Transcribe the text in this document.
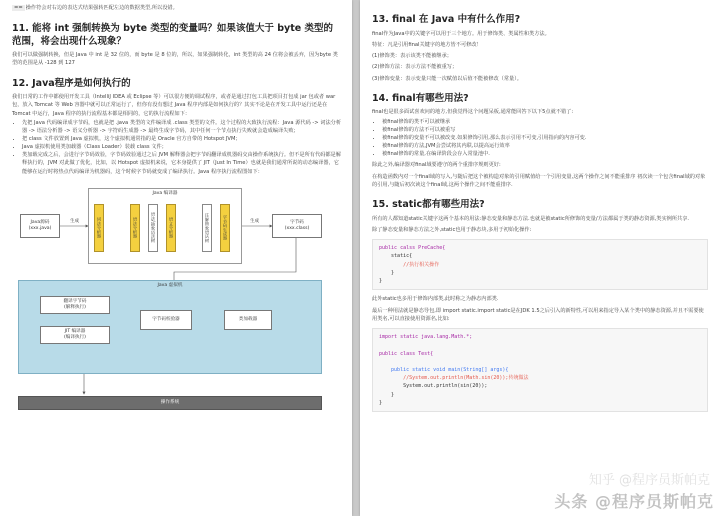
== 操作符会对右边的表达式结果强转匹配左边的数据类型,所以没错。
11. 能将 int 强制转换为 byte 类型的变量吗？如果该值大于 byte 类型的范围，将会出现什么现象？

我们可以做强制转换，但是 Java 中 int 是 32 位的，而 byte 是 8 位的，所以，如果强制转化，int 类型的高 24 位将会被丢弃，因为byte 类型的范围是从 -128 到 127

12. Java程序是如何执行的

我们日常的工作中都使用开发工具（IntelliJ IDEA 或 Eclipse 等）可以很方便的调试程序，或者是通过打包工具把项目打包成 jar 包或者 war 包，放入 Tomcat 等 Web 容器中就可以正常运行了，但你有没有想过 Java 程序内部是如何执行的？其实不论是在开发工具中运行还是在 Tomcat 中运行，Java 程序的执行流程基本都是相同的，它的执行流程如下：

• 先把 Java 代码编译成字节码，也就是把 .java 类型的文件编译成 .class 类型的文件。这个过程的大致执行流程：Java 源代码 -> 词法分析器 -> 语法分析器 -> 语义分析器 -> 字符码生成器 -> 最终生成字节码，其中任何一个节点执行失败就会造成编译失败；
• 把 class 文件放置到 Java 虚拟机，这个虚拟机通常指的是 Oracle 官方自带的 Hotspot JVM；
• Java 虚拟机使用类加载器（Class Loader）装载 class 文件；
• 类加载完成之后，会进行字节码效验，字节码效验通过之后 JVM 解释器会把字节码翻译成机器码交由操作系统执行。但不是所有代码都是解释执行的，JVM 对此做了优化，比如，以 Hotspot 虚拟机来说，它本身提供了 JIT（Just In Time）也就是我们通常所说的动态编译器，它能够在运行时将热点代码编译为机器码，这个时候字节码就变成了编译执行。Java 程序执行流程图如下：
Java源码
(xxx.java)
生成
Java 编译器
词法分析器	语法分析器	语法/抽象语法树	语义分析器	注解抽象语法树	字节码生成器	生成	字节码
(xxx.class)
Java 虚拟机
翻译字节码
(解释执行)
JIT 编译器
(编译执行)
字节码校验器	类加载器
操作系统
13. final 在 Java 中有什么作用?

final作为Java中的关键字可以用于三个地方。用于修饰类、类属性和类方法。

特征：凡是引用final关键字的地方皆不可修改！

(1)修饰类：表示该类不能被继承；

(2)修饰方法：表示方法不能被重写；

(3)修饰变量：表示变量只能一次赋值以后值不能被修改（常量）。

14. final有哪些用法?

final也是很多面试喜欢问的地方,但我觉得这个问题呆板,通常能回答下以下5点就不错了:

• 被final修饰的类不可以被继承
• 被final修饰的方法不可以被重写
• 被final修饰的变量不可以被改变.如果修饰引用,那么表示引用不可变,引用指向的内容可变.
• 被final修饰的方法,JVM会尝试将其内联,以提高运行效率
• 被final修饰的常量,在编译阶段会存入常量池中.

除此之外,编译器对final域要遵守的两个重排序规则更好:

在构造函数内对一个final域的写入,与随后把这个被构造对象的引用赋值给一个引用变量,这两个操作之间不能重排序 初次读一个包含final域的对象的引用,与随后初次读这个final域,这两个操作之间不能重排序.

15. static都有哪些用法?

所有的人都知道static关键字这两个基本的用法:静态变量和静态方法.也就是被static所修饰的变量/方法都属于类的静态资源,类实例所共享.

除了静态变量和静态方法之外,static也用于静态块,多用于初始化操作:

public calss PreCache{
static{
//执行相关操作
}
}

此外static也多用于修饰内部类,此时称之为静态内部类.

最后一种用法就是静态导包,即 import static.import static是在JDK 1.5之后引入的新特性,可以用来指定导入某个类中的静态资源,并且不需要使用类名,可以直接使用资源名,比如:

import static java.lang.Math.*;

public class Test{

public static void main(String[] args){
//System.out.println(Math.sin(20));传统做法
System.out.println(sin(20));
}
}
知乎 @程序员斯帕克
头条 @程序员斯帕克
